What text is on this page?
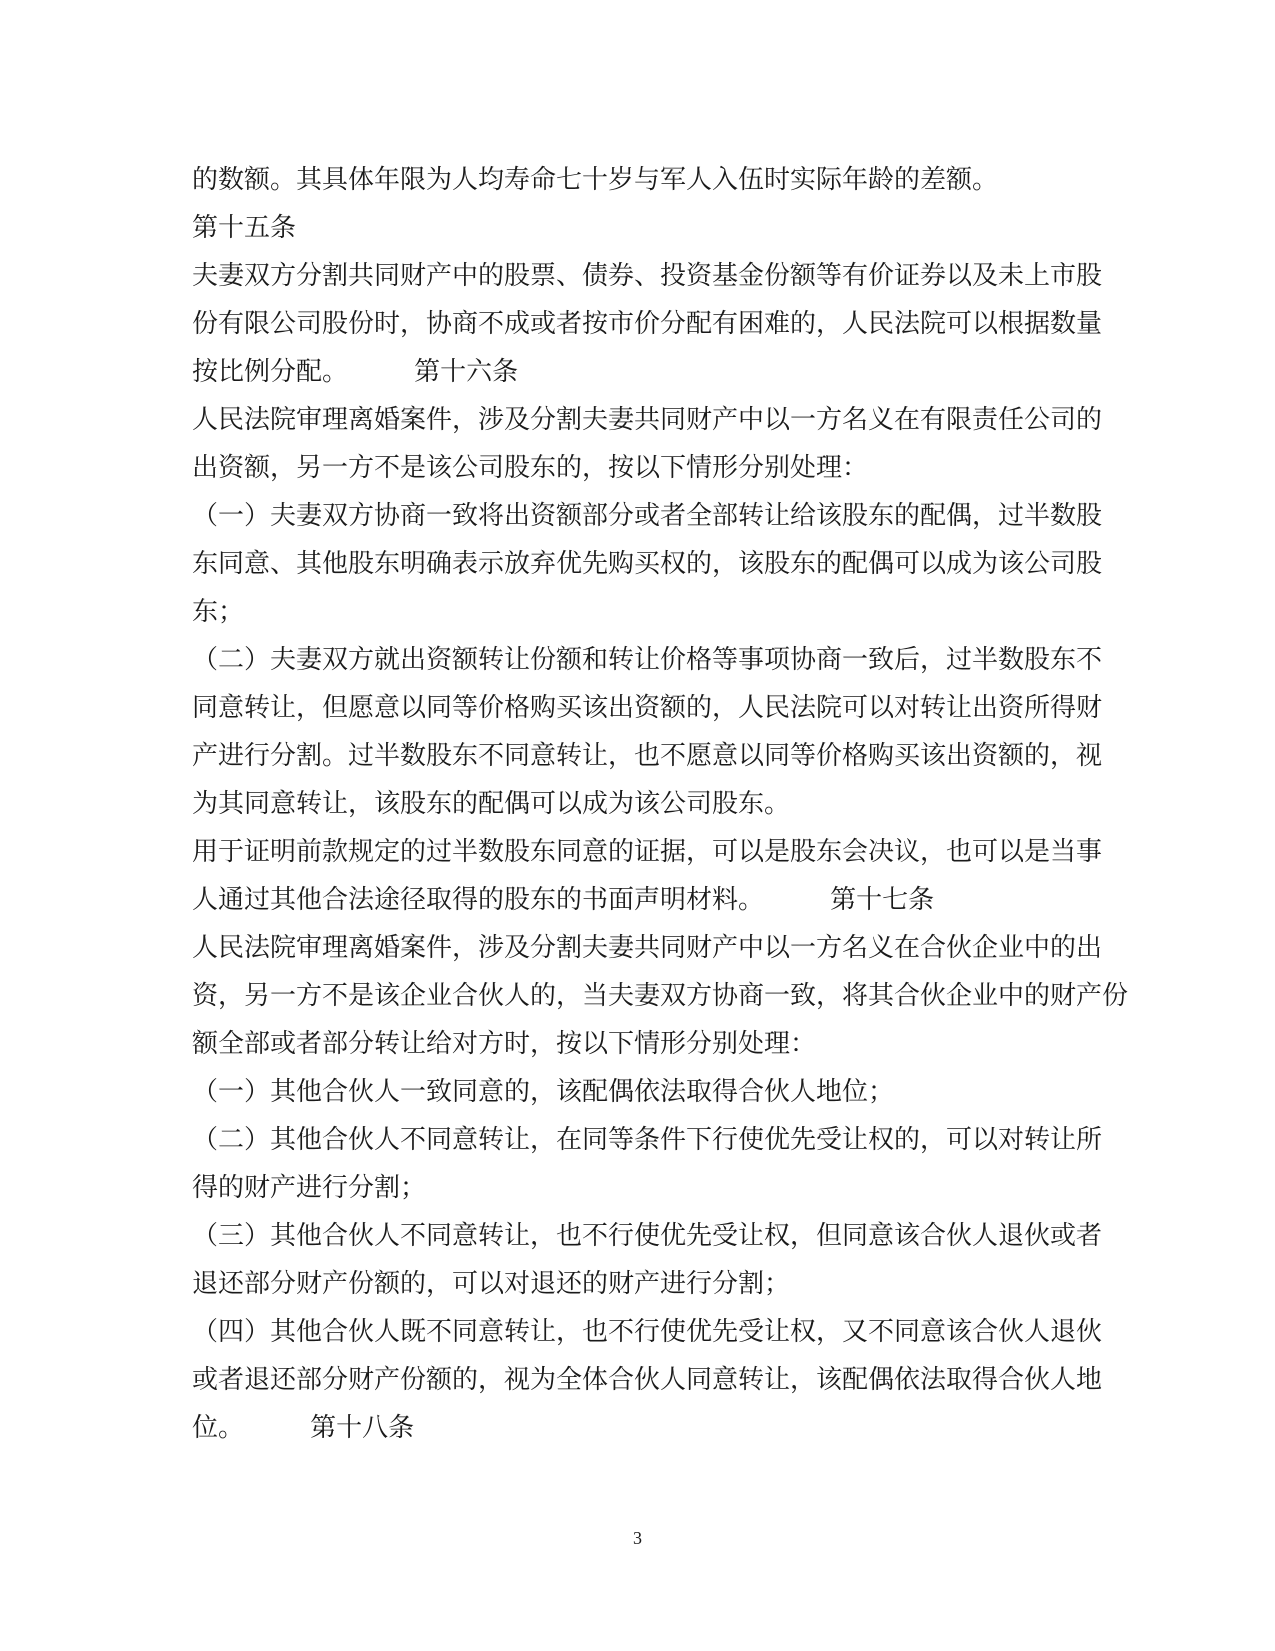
的数额。其具体年限为人均寿命七十岁与军人入伍时实际年龄的差额。
第十五条
夫妻双方分割共同财产中的股票、债券、投资基金份额等有价证券以及未上市股
份有限公司股份时，协商不成或者按市价分配有困难的，人民法院可以根据数量
按比例分配。        第十六条
人民法院审理离婚案件，涉及分割夫妻共同财产中以一方名义在有限责任公司的
出资额，另一方不是该公司股东的，按以下情形分别处理：
（一）夫妻双方协商一致将出资额部分或者全部转让给该股东的配偶，过半数股
东同意、其他股东明确表示放弃优先购买权的，该股东的配偶可以成为该公司股
东；
（二）夫妻双方就出资额转让份额和转让价格等事项协商一致后，过半数股东不
同意转让，但愿意以同等价格购买该出资额的，人民法院可以对转让出资所得财
产进行分割。过半数股东不同意转让，也不愿意以同等价格购买该出资额的，视
为其同意转让，该股东的配偶可以成为该公司股东。
用于证明前款规定的过半数股东同意的证据，可以是股东会决议，也可以是当事
人通过其他合法途径取得的股东的书面声明材料。        第十七条
人民法院审理离婚案件，涉及分割夫妻共同财产中以一方名义在合伙企业中的出
资，另一方不是该企业合伙人的，当夫妻双方协商一致，将其合伙企业中的财产份
额全部或者部分转让给对方时，按以下情形分别处理：
（一）其他合伙人一致同意的，该配偶依法取得合伙人地位；
（二）其他合伙人不同意转让，在同等条件下行使优先受让权的，可以对转让所
得的财产进行分割；
（三）其他合伙人不同意转让，也不行使优先受让权，但同意该合伙人退伙或者
退还部分财产份额的，可以对退还的财产进行分割；
（四）其他合伙人既不同意转让，也不行使优先受让权，又不同意该合伙人退伙
或者退还部分财产份额的，视为全体合伙人同意转让，该配偶依法取得合伙人地
位。        第十八条
3
